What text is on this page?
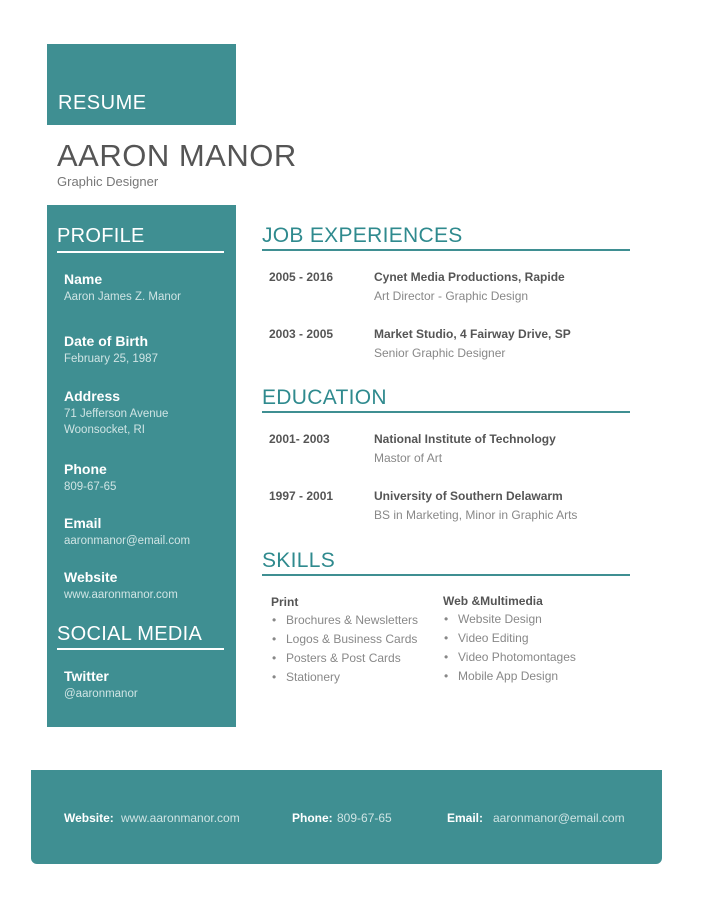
RESUME
AARON MANOR
Graphic Designer
PROFILE
Name
Aaron James Z. Manor
Date of Birth
February 25, 1987
Address
71 Jefferson Avenue
Woonsocket, RI
Phone
809-67-65
Email
aaronmanor@email.com
Website
www.aaronmanor.com
SOCIAL MEDIA
Twitter
@aaronmanor
JOB EXPERIENCES
2005 - 2016	Cynet Media Productions, Rapide
Art Director - Graphic Design
2003 - 2005	Market Studio, 4 Fairway Drive, SP
Senior Graphic Designer
EDUCATION
2001- 2003	National Institute of Technology
Mastor of Art
1997 - 2001	University of Southern Delawarm
BS in Marketing, Minor in Graphic Arts
SKILLS
Print
• Brochures & Newsletters
• Logos & Business Cards
• Posters & Post Cards
• Stationery
Web &Multimedia
• Website Design
• Video Editing
• Video Photomontages
• Mobile App Design
Website: www.aaronmanor.com	Phone: 809-67-65	Email: aaronmanor@email.com
